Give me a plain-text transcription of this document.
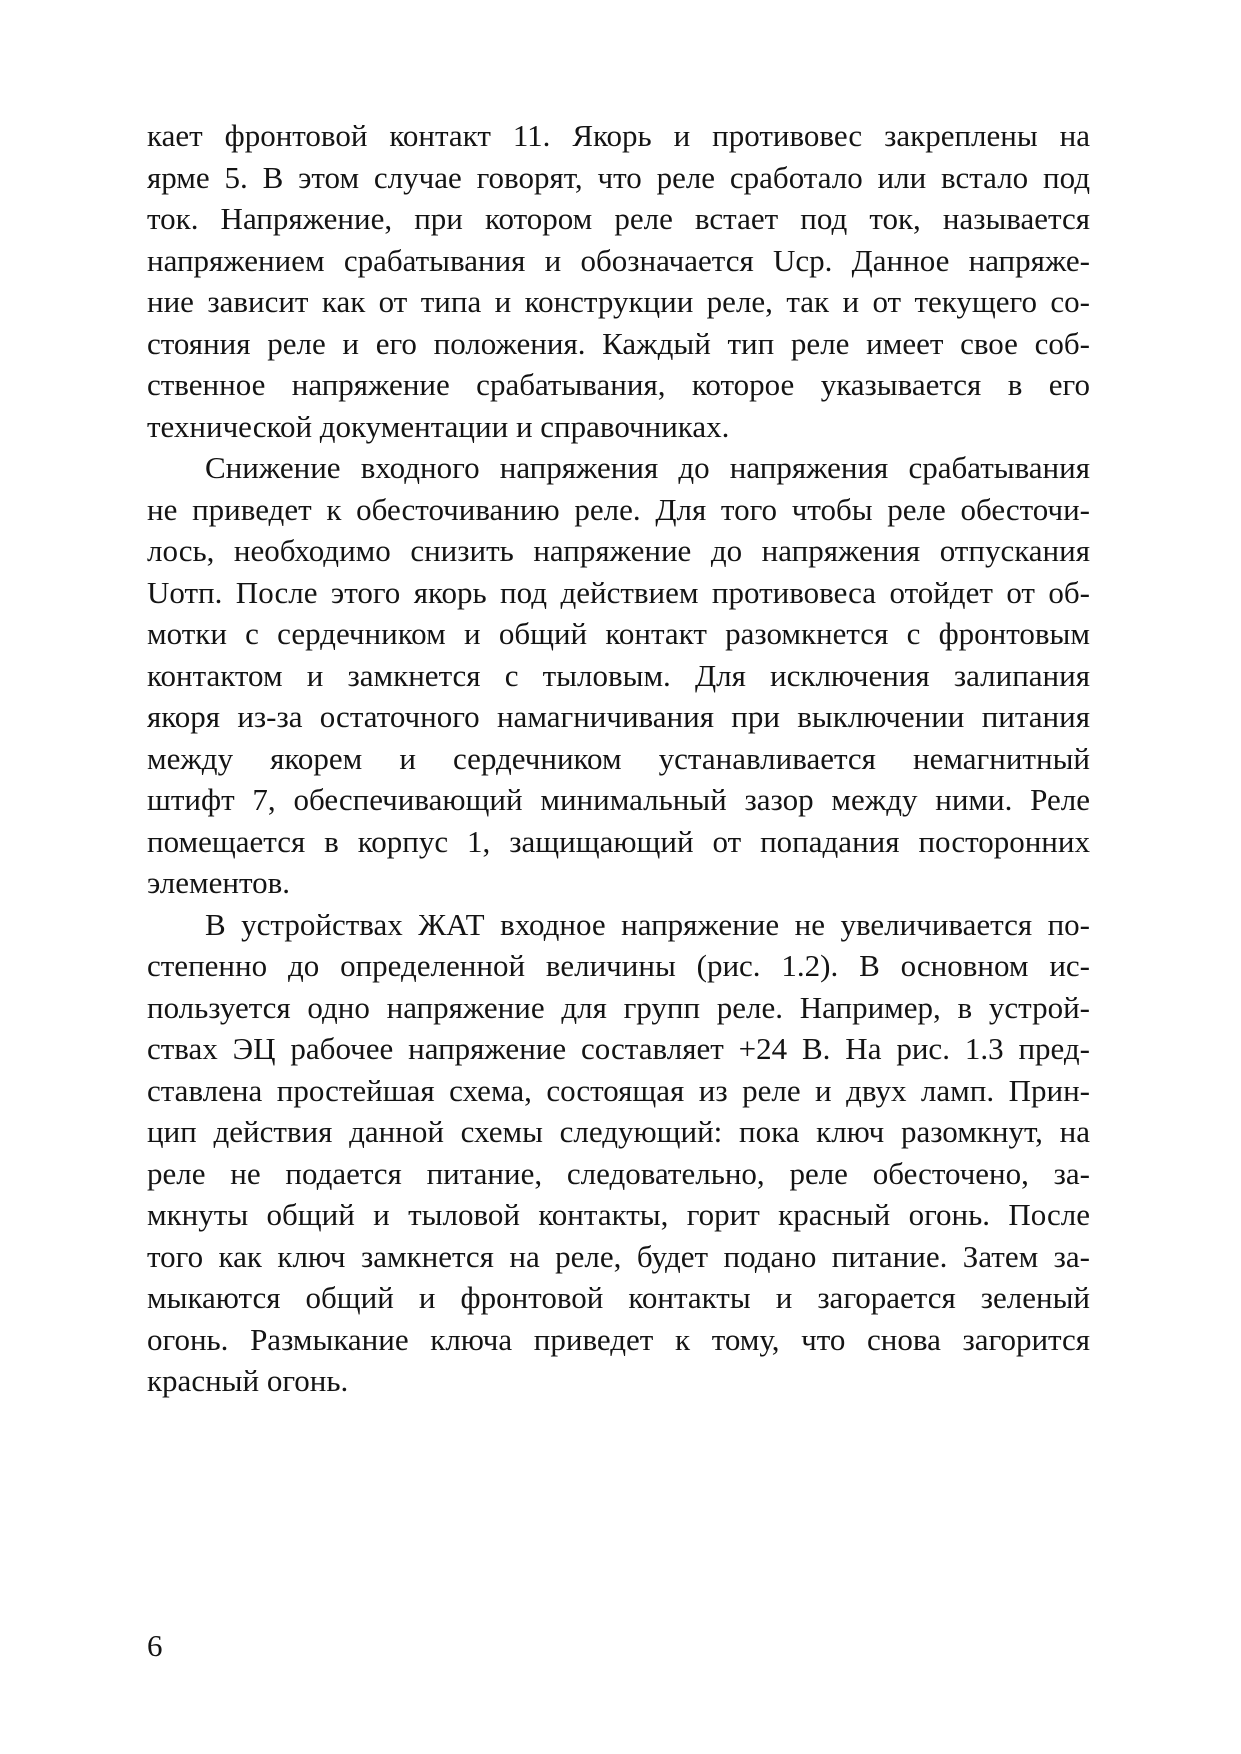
кает фронтовой контакт 11. Якорь и противовес закреплены на
ярме 5. В этом случае говорят, что реле сработало или встало под
ток. Напряжение, при котором реле встает под ток, называется
напряжением срабатывания и обозначается Uср. Данное напряже-
ние зависит как от типа и конструкции реле, так и от текущего со-
стояния реле и его положения. Каждый тип реле имеет свое соб-
ственное напряжение срабатывания, которое указывается в его
технической документации и справочниках.

Снижение входного напряжения до напряжения срабатывания
не приведет к обесточиванию реле. Для того чтобы реле обесточи-
лось, необходимо снизить напряжение до напряжения отпускания
Uотп. После этого якорь под действием противовеса отойдет от об-
мотки с сердечником и общий контакт разомкнется с фронтовым
контактом и замкнется с тыловым. Для исключения залипания
якоря из-за остаточного намагничивания при выключении питания
между якорем и сердечником устанавливается немагнитный
штифт 7, обеспечивающий минимальный зазор между ними. Реле
помещается в корпус 1, защищающий от попадания посторонних
элементов.

В устройствах ЖАТ входное напряжение не увеличивается по-
степенно до определенной величины (рис. 1.2). В основном ис-
пользуется одно напряжение для групп реле. Например, в устрой-
ствах ЭЦ рабочее напряжение составляет +24 В. На рис. 1.3 пред-
ставлена простейшая схема, состоящая из реле и двух ламп. Прин-
цип действия данной схемы следующий: пока ключ разомкнут, на
реле не подается питание, следовательно, реле обесточено, за-
мкнуты общий и тыловой контакты, горит красный огонь. После
того как ключ замкнется на реле, будет подано питание. Затем за-
мыкаются общий и фронтовой контакты и загорается зеленый
огонь. Размыкание ключа приведет к тому, что снова загорится
красный огонь.

6
